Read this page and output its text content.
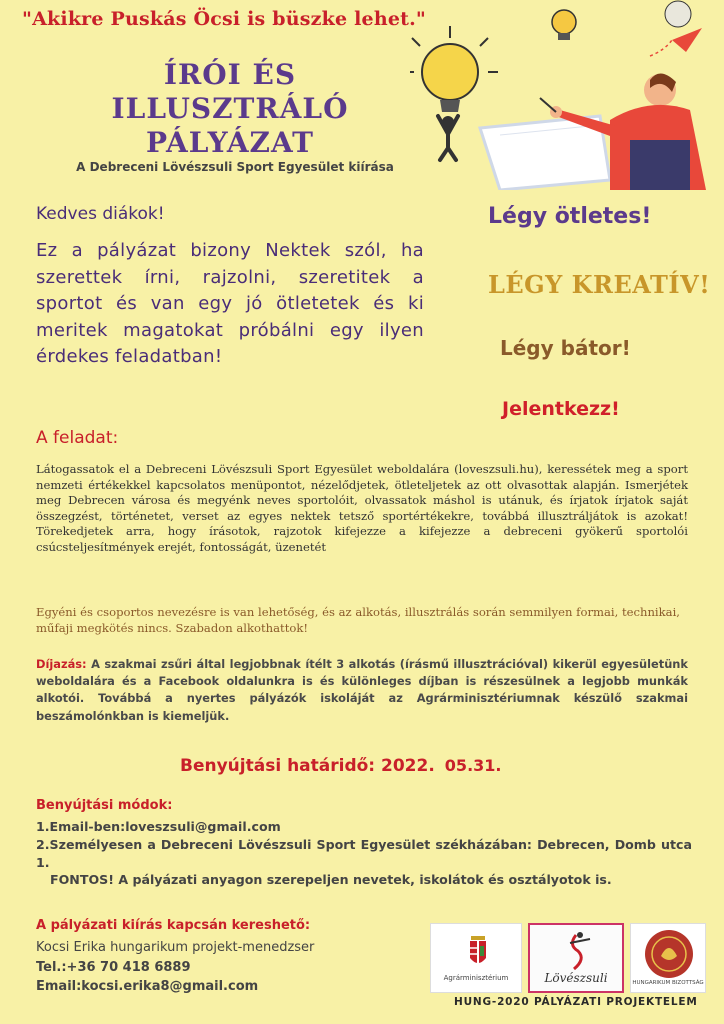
"Akikre Puskás Öcsi is büszke lehet."
ÍRÓI ÉS ILLUSZTRÁLÓ
PÁLYÁZAT
A Debreceni Lövészsuli Sport Egyesület kiírása
Kedves diákok!
Ez a pályázat bizony Nektek szól, ha szerettek írni, rajzolni, szeretitek a sportot és van egy jó ötletetek és ki meritek magatokat próbálni egy ilyen érdekes feladatban!
Légy ötletes!
LÉGY KREATÍV!
Légy bátor!
Jelentkezz!
A feladat:
Látogassatok el a Debreceni Lövészsuli Sport Egyesület weboldalára (loveszsuli.hu), keressétek meg a sport nemzeti értékekkel kapcsolatos menüpontot, nézelődjetek, ötleteljetek az ott olvasottak alapján. Ismerjétek meg Debrecen városa és megyénk neves sportolóit, olvassatok máshol is utánuk, és írjatok írjatok saját összegzést, történetet, verset az egyes nektek tetsző sportértékekre, továbbá illusztráljátok is azokat! Törekedjetek arra, hogy írásotok, rajzotok kifejezze a kifejezze a debreceni gyökerű sportolói csúcsteljesítmények erejét, fontosságát, üzenetét
Egyéni és csoportos nevezésre is van lehetőség, és az alkotás, illusztrálás során semmilyen formai, technikai, műfaji megkötés nincs. Szabadon alkothattok!
Díjazás: A szakmai zsűri által legjobbnak ítélt 3 alkotás (írásmű illusztrációval) kikerül egyesületünk weboldalára és a Facebook oldalunkra is és különleges díjban is részesülnek a legjobb munkák alkotói. Továbbá a nyertes pályázók iskoláját az Agrárminisztériumnak készülő szakmai beszámolónkban is kiemeljük.
Benyújtási határidő: 2022. 05.31.
Benyújtási módok:
1.Email-ben:loveszsuli@gmail.com
2.Személyesen a Debreceni Lövészsuli Sport Egyesület székházában: Debrecen, Domb utca 1.
FONTOS! A pályázati anyagon szerepeljen nevetek, iskolátok és osztályotok is.
A pályázati kiírás kapcsán kereshető:
Kocsi Erika hungarikum projekt-menedzser
Tel.:+36 70 418 6889
Email:kocsi.erika8@gmail.com
Agrárminisztérium	Lövészsuli	HUNGARIKUM BIZOTTSÁG
HUNG-2020 PÁLYÁZATI PROJEKTELEM
